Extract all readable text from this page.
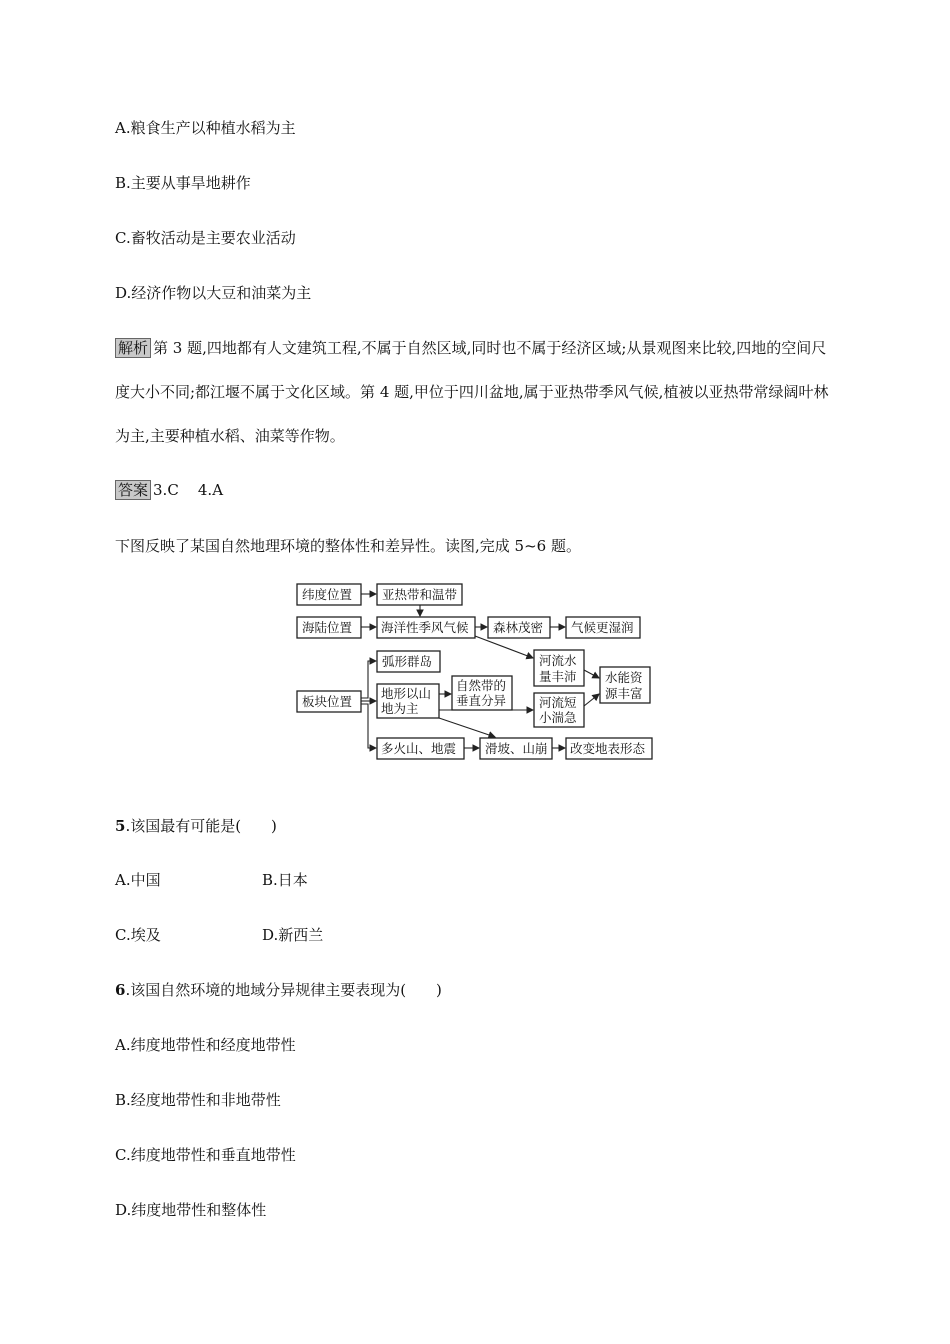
A.粮食生产以种植水稻为主
B.主要从事旱地耕作
C.畜牧活动是主要农业活动
D.经济作物以大豆和油菜为主
解析 第 3 题,四地都有人文建筑工程,不属于自然区域,同时也不属于经济区域;从景观图来比较,四地的空间尺度大小不同;都江堰不属于文化区域。第 4 题,甲位于四川盆地,属于亚热带季风气候,植被以亚热带常绿阔叶林为主,主要种植水稻、油菜等作物。
答案 3.C    4.A
下图反映了某国自然地理环境的整体性和差异性。读图,完成 5~6 题。
纬度位置 亚热带和温带
海陆位置 海洋性季风气候 森林茂密 气候更湿润
弧形群岛	河流水
量丰沛 水能资
源丰富
板块位置
地形以山
地为主
自然带的
垂直分异	河流短
小湍急
多火山、地震 滑坡、山崩 改变地表形态
5.该国最有可能是(　　)
A.中国	B.日本
C.埃及	D.新西兰
6.该国自然环境的地域分异规律主要表现为(　　)
A.纬度地带性和经度地带性
B.经度地带性和非地带性
C.纬度地带性和垂直地带性
D.纬度地带性和整体性
